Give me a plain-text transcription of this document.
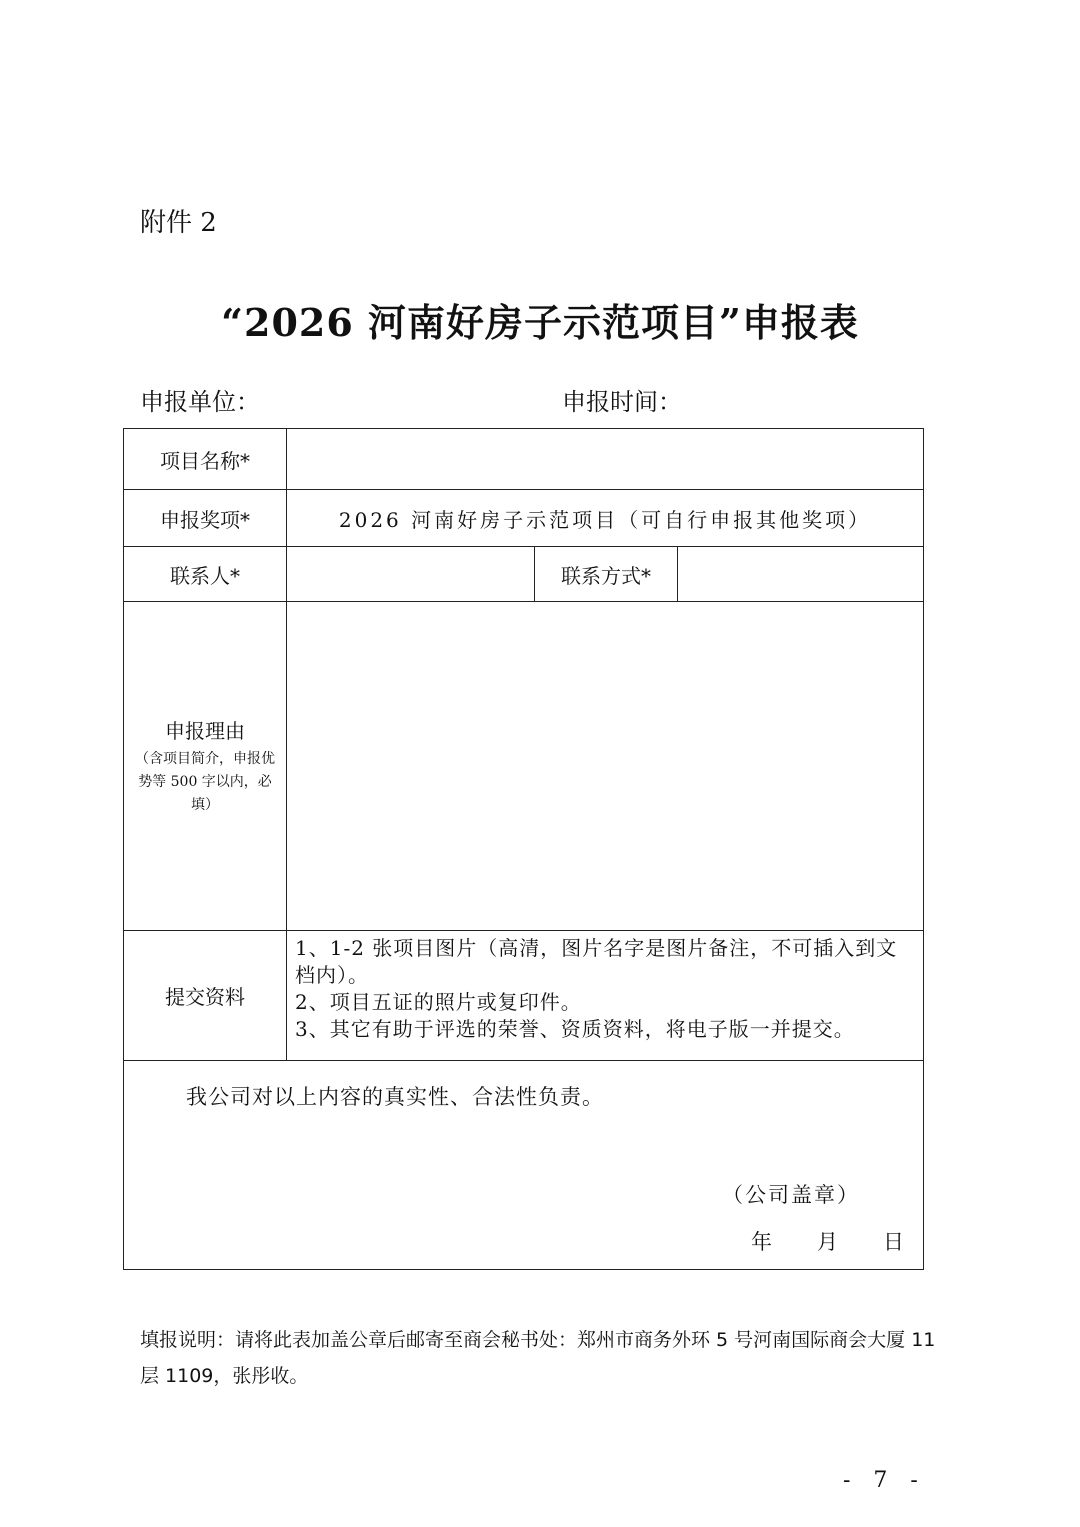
附件 2
“2026 河南好房子示范项目”申报表
申报单位：	申报时间：
项目名称*			
申报奖项*	2026 河南好房子示范项目（可自行申报其他奖项）		
联系人*		联系方式*	

申报理由
（含项目简介，申报优势等 500 字以内，必填）			

提交资料	1、1-2 张项目图片（高清，图片名字是图片备注，不可插入到文档内）。
2、项目五证的照片或复印件。
3、其它有助于评选的荣誉、资质资料，将电子版一并提交。		

我公司对以上内容的真实性、合法性负责。
（公司盖章）
年 月 日			
填报说明：请将此表加盖公章后邮寄至商会秘书处：郑州市商务外环 5 号河南国际商会大厦 11 层 1109，张彤收。
- 7 -
